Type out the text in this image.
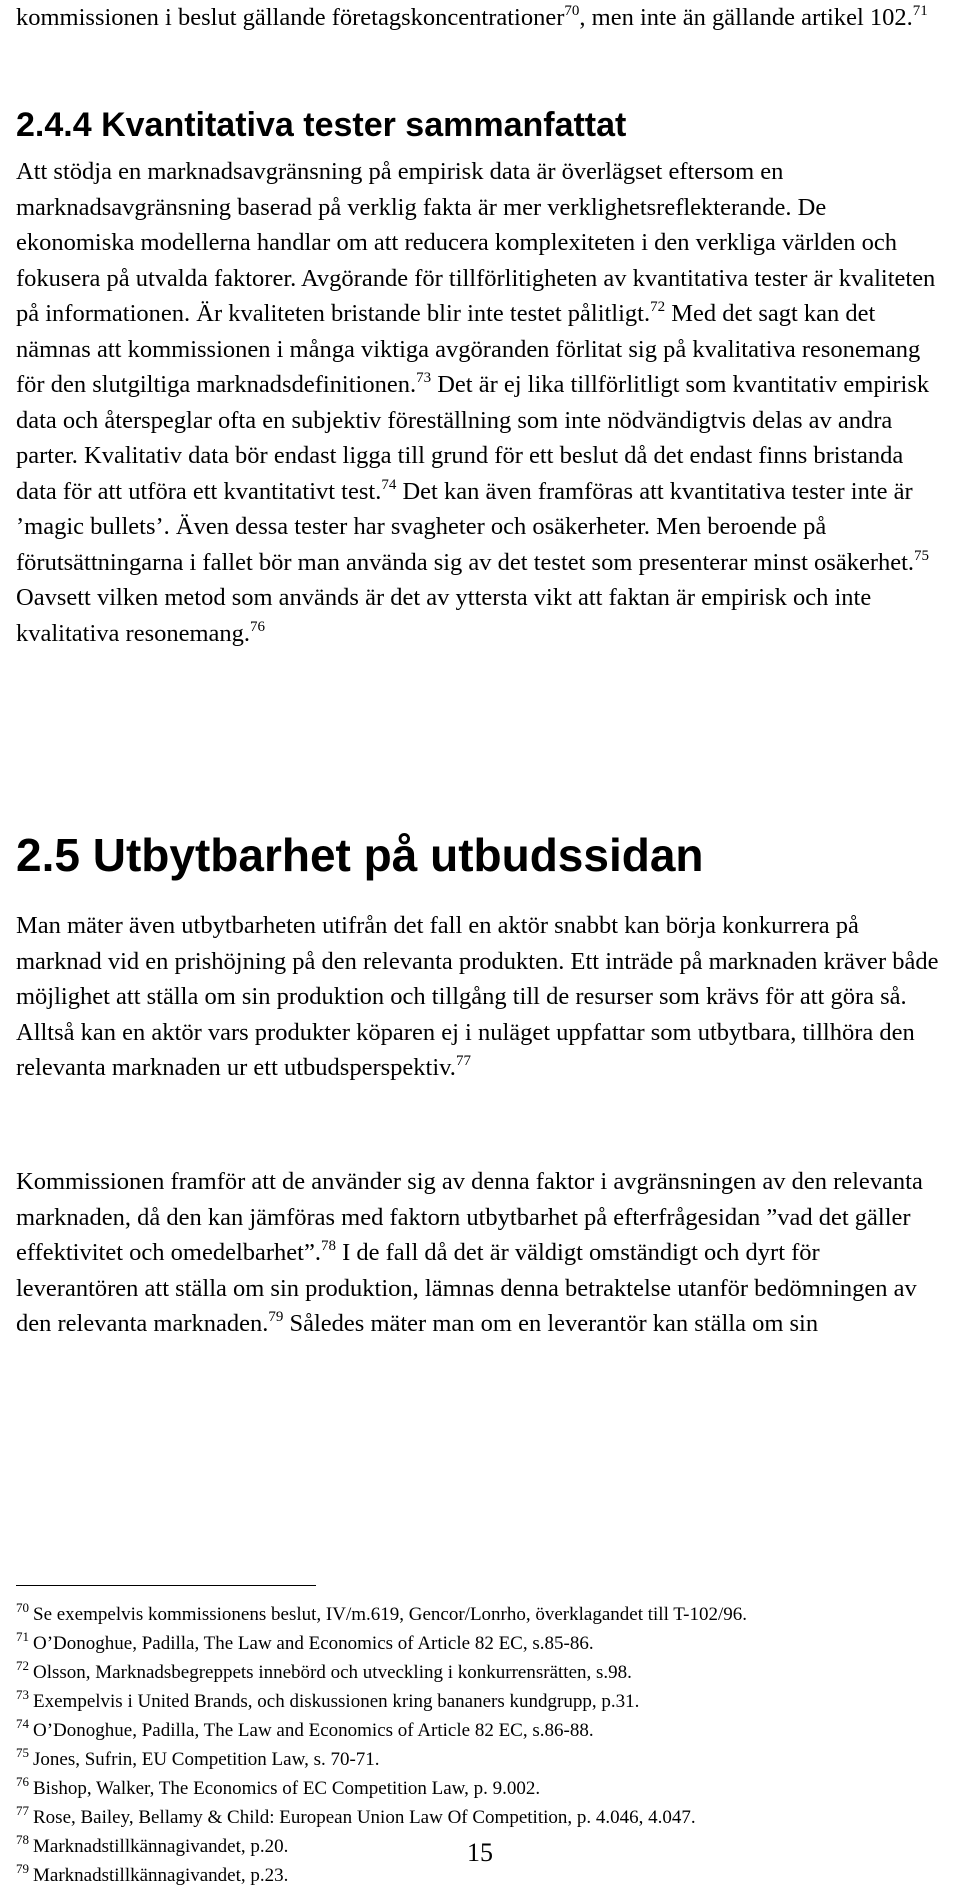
kommissionen i beslut gällande företagskoncentrationer$^{70}$, men inte än gällande artikel 102.71
2.4.4 Kvantitativa tester sammanfattat
Att stödja en marknadsavgränsning på empirisk data är överlägset eftersom en marknadsavgränsning baserad på verklig fakta är mer verklighetsreflekterande. De ekonomiska modellerna handlar om att reducera komplexiteten i den verkliga världen och fokusera på utvalda faktorer. Avgörande för tillförlitigheten av kvantitativa tester är kvaliteten på informationen. Är kvaliteten bristande blir inte testet pålitligt.$^{72}$ Med det sagt kan det nämnas att kommissionen i många viktiga avgöranden förlitat sig på kvalitativa resonemang för den slutgiltiga marknadsdefinitionen.$^{73}$ Det är ej lika tillförlitligt som kvantitativ empirisk data och återspeglar ofta en subjektiv föreställning som inte nödvändigtvis delas av andra parter. Kvalitativ data bör endast ligga till grund för ett beslut då det endast finns bristanda data för att utföra ett kvantitativt test.$^{74}$ Det kan även framföras att kvantitativa tester inte är ’magic bullets’. Även dessa tester har svagheter och osäkerheter. Men beroende på förutsättningarna i fallet bör man använda sig av det testet som presenterar minst osäkerhet.$^{75}$ Oavsett vilken metod som används är det av yttersta vikt att faktan är empirisk och inte kvalitativa resonemang.$^{76}$
2.5 Utbytbarhet på utbudssidan
Man mäter även utbytbarheten utifrån det fall en aktör snabbt kan börja konkurrera på marknad vid en prishöjning på den relevanta produkten. Ett inträde på marknaden kräver både möjlighet att ställa om sin produktion och tillgång till de resurser som krävs för att göra så. Alltså kan en aktör vars produkter köparen ej i nuläget uppfattar som utbytbara, tillhöra den relevanta marknaden ur ett utbudsperspektiv.$^{77}$
Kommissionen framför att de använder sig av denna faktor i avgränsningen av den relevanta marknaden, då den kan jämföras med faktorn utbytbarhet på efterfrågesidan ”vad det gäller effektivitet och omedelbarhet”.$^{78}$ I de fall då det är väldigt omständigt och dyrt för leverantören att ställa om sin produktion, lämnas denna betraktelse utanför bedömningen av den relevanta marknaden.$^{79}$ Således mäter man om en leverantör kan ställa om sin
$^{70}$ Se exempelvis kommissionens beslut, IV/m.619, Gencor/Lonrho, överklagandet till T-102/96.
$^{71}$ O’Donoghue, Padilla, The Law and Economics of Article 82 EC, s.85-86.
$^{72}$ Olsson, Marknadsbegreppets innebörd och utveckling i konkurrensrätten, s.98.
$^{73}$ Exempelvis i United Brands, och diskussionen kring bananers kundgrupp, p.31.
$^{74}$ O’Donoghue, Padilla, The Law and Economics of Article 82 EC, s.86-88.
$^{75}$ Jones, Sufrin, EU Competition Law, s. 70-71.
$^{76}$ Bishop, Walker, The Economics of EC Competition Law, p. 9.002.
$^{77}$ Rose, Bailey, Bellamy & Child: European Union Law Of Competition, p. 4.046, 4.047.
$^{78}$ Marknadstillkännagivandet, p.20.
$^{79}$ Marknadstillkännagivandet, p.23.
15
